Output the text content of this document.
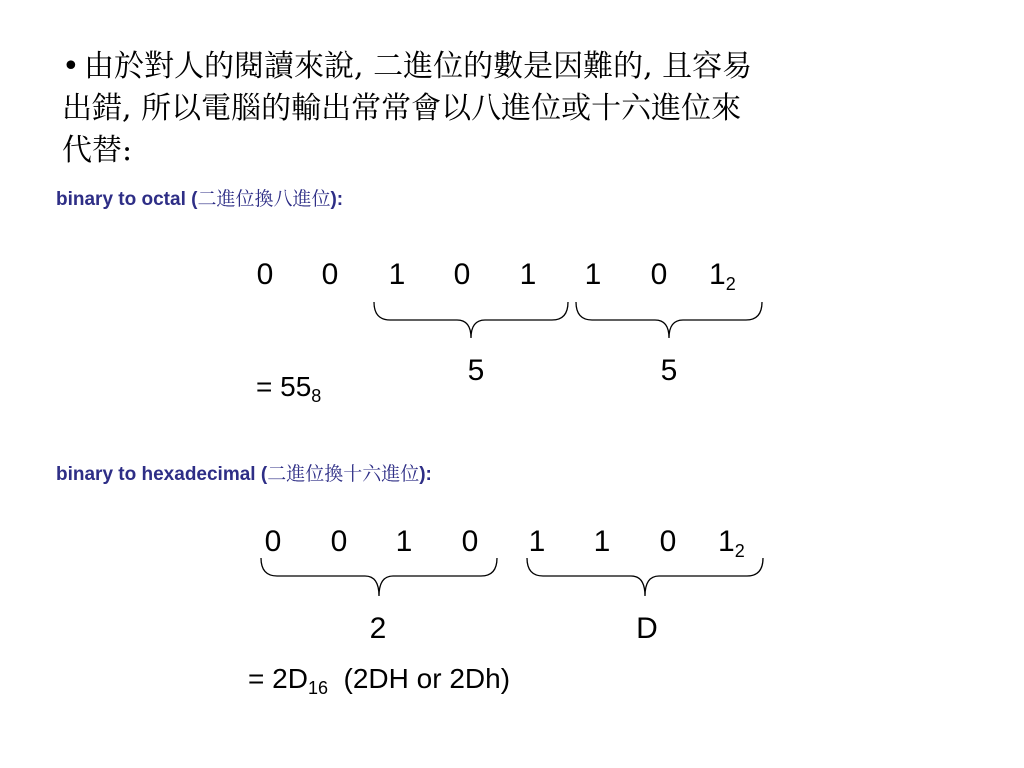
• 由於對人的閱讀來說, 二進位的數是因難的, 且容易
出錯, 所以電腦的輸出常常會以八進位或十六進位來
代替:
binary to octal (二進位換八進位):
0 0 1 0 1 1 0 $1_2$
5	5
= $55_8$
binary to hexadecimal (二進位換十六進位):
0 0 1 0 1 1 0 $1_2$
2	D
= $2D_{16}$ (2DH or 2Dh)
